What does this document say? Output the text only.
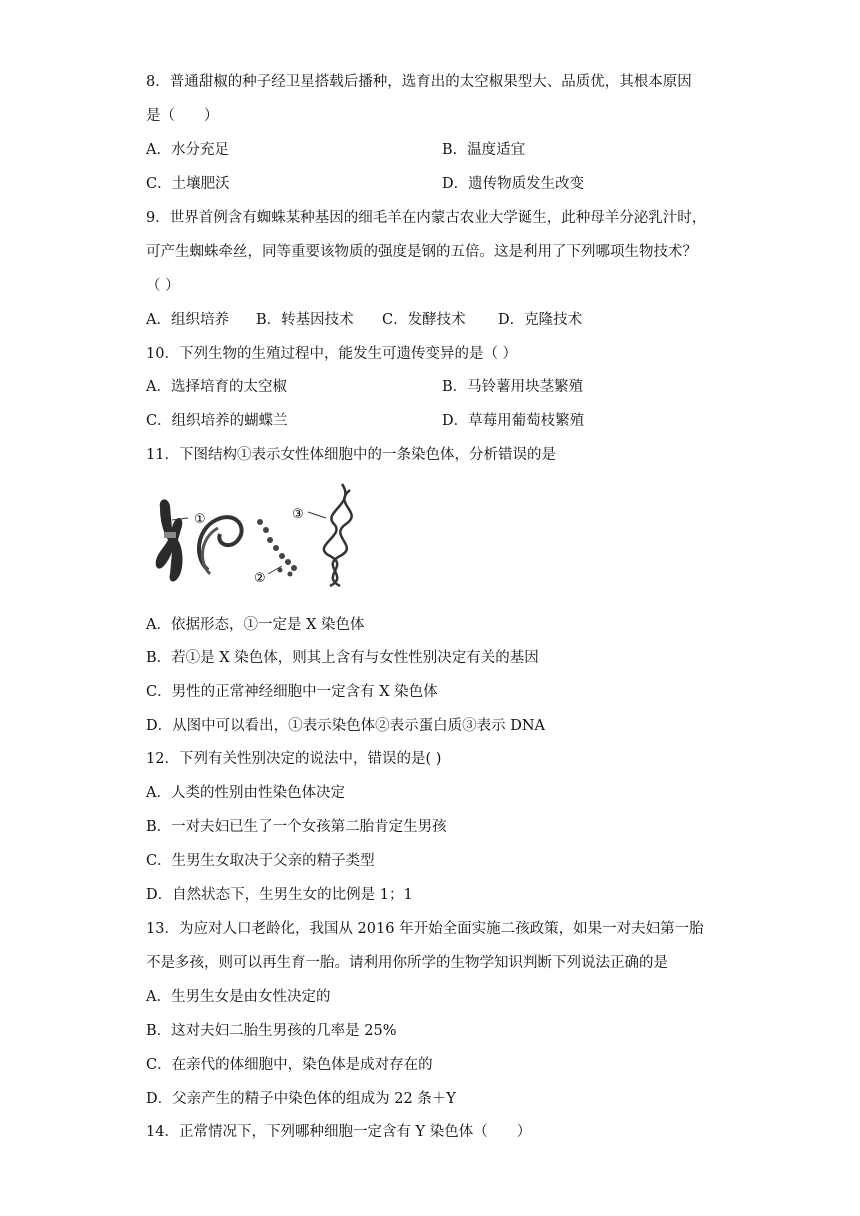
8．普通甜椒的种子经卫星搭载后播种，选育出的太空椒果型大、品质优，其根本原因
是（　　）
A．水分充足	B．温度适宜
C．土壤肥沃	D．遗传物质发生改变
9．世界首例含有蜘蛛某种基因的细毛羊在内蒙古农业大学诞生，此种母羊分泌乳汁时，
可产生蜘蛛牵丝，同等重要该物质的强度是钢的五倍。这是利用了下列哪项生物技术？
（ ）
A．组织培养 B．转基因技术 C．发酵技术 D．克隆技术
10．下列生物的生殖过程中，能发生可遗传变异的是（ ）
A．选择培育的太空椒	B．马铃薯用块茎繁殖
C．组织培养的蝴蝶兰	D．草莓用葡萄枝繁殖
11．下图结构①表示女性体细胞中的一条染色体，分析错误的是
①
②
③
A．依据形态，①一定是 X 染色体
B．若①是 X 染色体，则其上含有与女性性别决定有关的基因
C．男性的正常神经细胞中一定含有 X 染色体
D．从图中可以看出，①表示染色体②表示蛋白质③表示 DNA
12．下列有关性别决定的说法中，错误的是( )
A．人类的性别由性染色体决定
B．一对夫妇已生了一个女孩第二胎肯定生男孩
C．生男生女取决于父亲的精子类型
D．自然状态下，生男生女的比例是 1；1
13．为应对人口老龄化，我国从 2016 年开始全面实施二孩政策，如果一对夫妇第一胎
不是多孩，则可以再生育一胎。请利用你所学的生物学知识判断下列说法正确的是
A．生男生女是由女性决定的
B．这对夫妇二胎生男孩的几率是 25%
C．在亲代的体细胞中，染色体是成对存在的
D．父亲产生的精子中染色体的组成为 22 条＋Y
14．正常情况下，下列哪种细胞一定含有 Y 染色体（　　）
